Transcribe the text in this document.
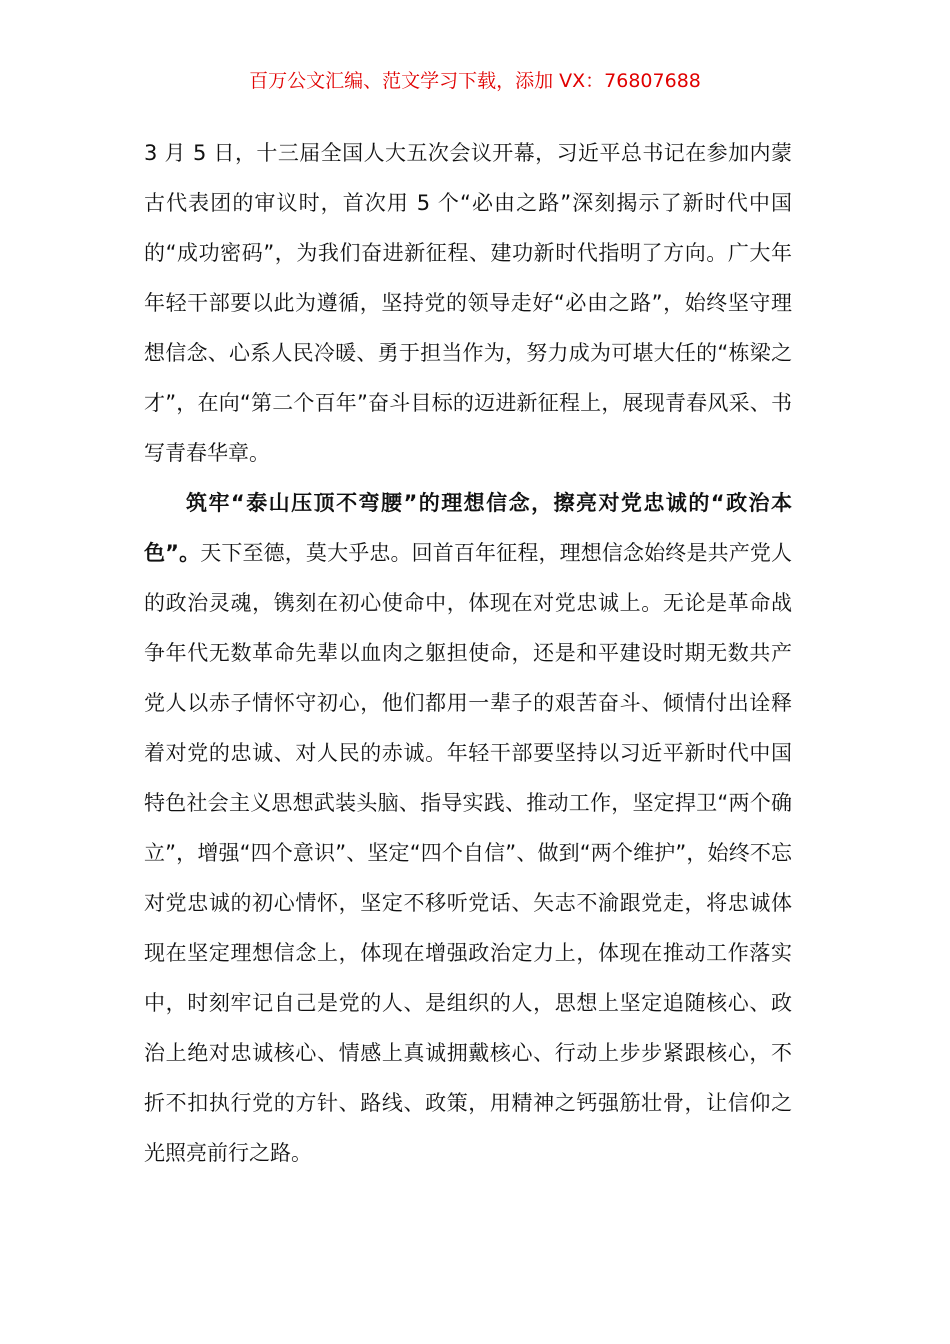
百万公文汇编、范文学习下载，添加 VX：76807688

3 月 5 日，十三届全国人大五次会议开幕，习近平总书记在参加内蒙古代表团的审议时，首次用 5 个“必由之路”深刻揭示了新时代中国的“成功密码”，为我们奋进新征程、建功新时代指明了方向。广大年年轻干部要以此为遵循，坚持党的领导走好“必由之路”，始终坚守理想信念、心系人民冷暖、勇于担当作为，努力成为可堪大任的“栋梁之才”，在向“第二个百年”奋斗目标的迈进新征程上，展现青春风采、书写青春华章。

筑牢“泰山压顶不弯腰”的理想信念，擦亮对党忠诚的“政治本色”。天下至德，莫大乎忠。回首百年征程，理想信念始终是共产党人的政治灵魂，镌刻在初心使命中，体现在对党忠诚上。无论是革命战争年代无数革命先辈以血肉之躯担使命，还是和平建设时期无数共产党人以赤子情怀守初心，他们都用一辈子的艰苦奋斗、倾情付出诠释着对党的忠诚、对人民的赤诚。年轻干部要坚持以习近平新时代中国特色社会主义思想武装头脑、指导实践、推动工作，坚定捍卫“两个确立”，增强“四个意识”、坚定“四个自信”、做到“两个维护”，始终不忘对党忠诚的初心情怀，坚定不移听党话、矢志不渝跟党走，将忠诚体现在坚定理想信念上，体现在增强政治定力上，体现在推动工作落实中，时刻牢记自己是党的人、是组织的人，思想上坚定追随核心、政治上绝对忠诚核心、情感上真诚拥戴核心、行动上步步紧跟核心，不折不扣执行党的方针、路线、政策，用精神之钙强筋壮骨，让信仰之光照亮前行之路。
